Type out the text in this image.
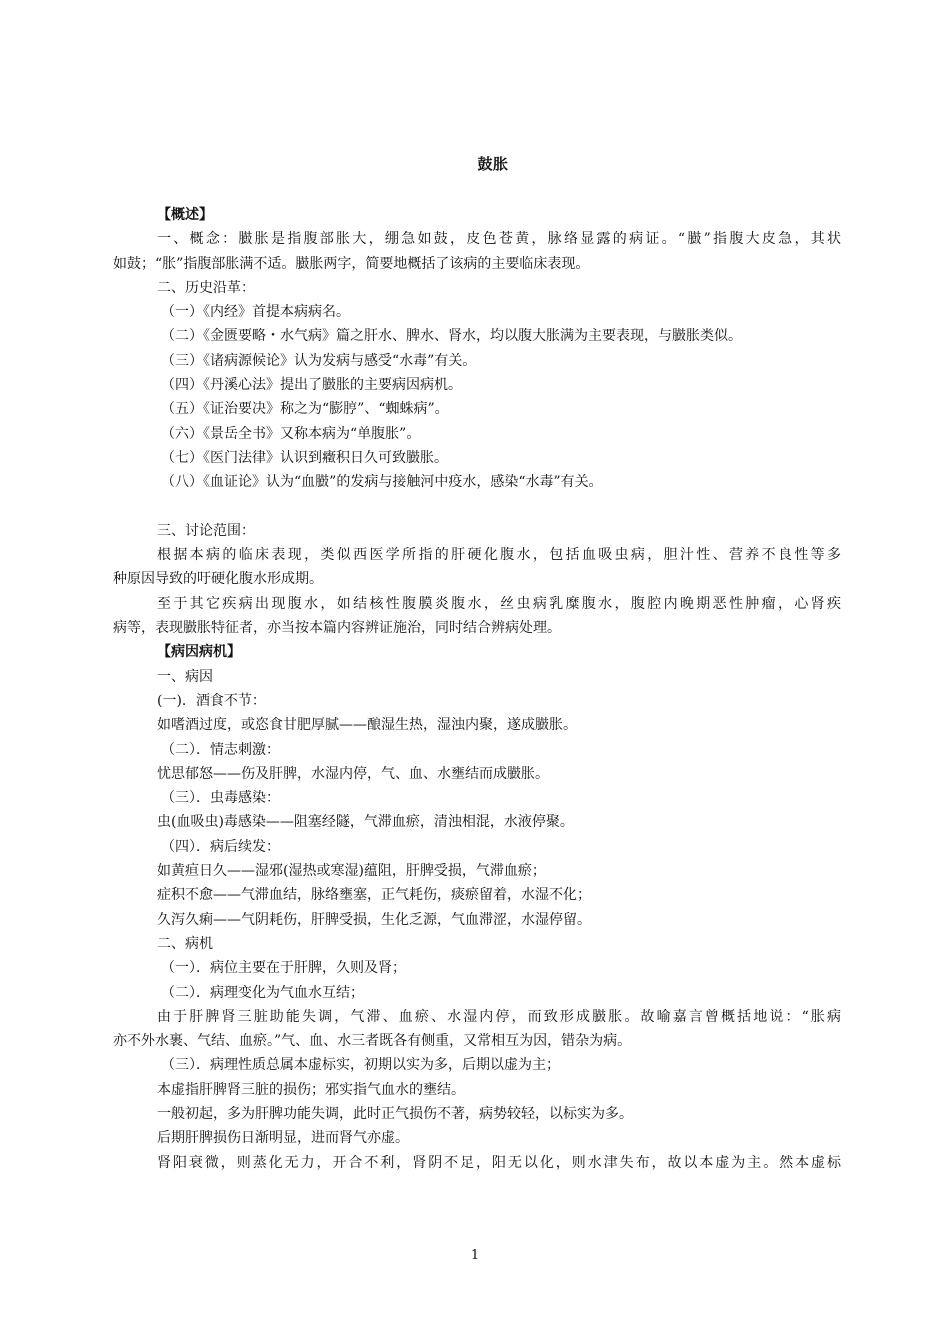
鼓胀
【概述】
一、概念：臌胀是指腹部胀大，绷急如鼓，皮色苍黄，脉络显露的病证。“臌”指腹大皮急，其状
如鼓；“胀”指腹部胀满不适。臌胀两字，简要地概括了该病的主要临床表现。
二、历史沿革：
（一）《内经》首提本病病名。
（二）《金匮要略・水气病》篇之肝水、脾水、肾水，均以腹大胀满为主要表现，与臌胀类似。
（三）《诸病源候论》认为发病与感受“水毒”有关。
（四）《丹溪心法》提出了臌胀的主要病因病机。
（五）《证治要决》称之为“膨脝”、“蜘蛛病”。
（六）《景岳全书》又称本病为“单腹胀”。
（七）《医门法律》认识到癥积日久可致臌胀。
（八）《血证论》认为“血臌”的发病与接触河中疫水，感染“水毒”有关。
三、讨论范围：
根据本病的临床表现，类似西医学所指的肝硬化腹水，包括血吸虫病，胆汁性、营养不良性等多
种原因导致的吁硬化腹水形成期。
至于其它疾病出现腹水，如结核性腹膜炎腹水，丝虫病乳糜腹水，腹腔内晚期恶性肿瘤，心肾疾
病等，表现臌胀特征者，亦当按本篇内容辨证施治，同时结合辨病处理。
【病因病机】
一、病因
(一)．酒食不节：
如嗜酒过度，或恣食甘肥厚腻——酿湿生热，湿浊内聚，遂成臌胀。
（二）．情志刺激：
忧思郁怒——伤及肝脾，水湿内停，气、血、水壅结而成臌胀。
（三）．虫毒感染：
虫(血吸虫)毒感染——阻塞经隧，气滞血瘀，清浊相混，水液停聚。
（四）．病后续发：
如黄疸日久——湿邪(湿热或寒湿)蕴阻，肝脾受损，气滞血瘀；
症积不愈——气滞血结，脉络壅塞，正气耗伤，痰瘀留着，水湿不化；
久泻久痢——气阴耗伤，肝脾受损，生化乏源，气血滞涩，水湿停留。
二、病机
（一）．病位主要在于肝脾，久则及肾；
（二）．病理变化为气血水互结；
由于肝脾肾三脏助能失调，气滞、血瘀、水湿内停，而致形成臌胀。故喻嘉言曾概括地说：“胀病
亦不外水裹、气结、血瘀。”气、血、水三者既各有侧重，又常相互为因，错杂为病。
（三）．病理性质总属本虚标实，初期以实为多，后期以虚为主；
本虚指肝脾肾三脏的损伤；邪实指气血水的壅结。
一般初起，多为肝脾功能失调，此时正气损伤不著，病势较轻，以标实为多。
后期肝脾损伤日渐明显，进而肾气亦虚。
肾阳衰微，则蒸化无力，开合不利，肾阴不足，阳无以化，则水津失布，故以本虚为主。然本虚标
1
